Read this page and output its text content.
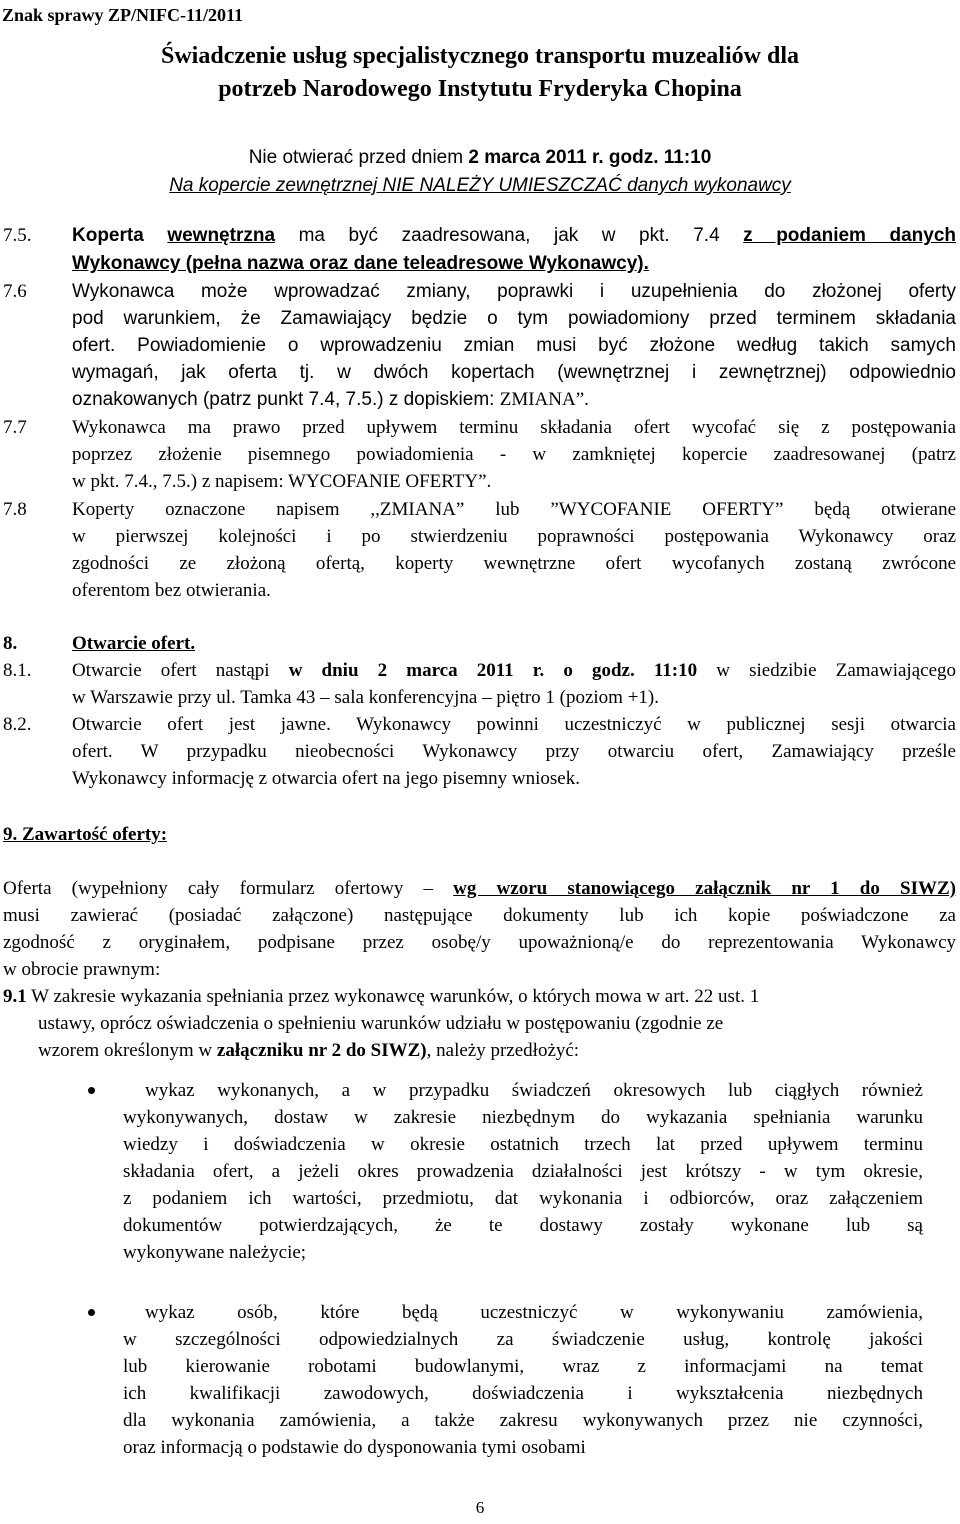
Znak sprawy ZP/NIFC-11/2011
Świadczenie usług specjalistycznego transportu muzealiów dla
potrzeb Narodowego Instytutu Fryderyka Chopina
Nie otwierać przed dniem 2 marca 2011 r. godz. 11:10
Na kopercie zewnętrznej NIE NALEŻY UMIESZCZAĆ danych wykonawcy
7.5. Koperta wewnętrzna ma być zaadresowana, jak w pkt. 7.4 z podaniem danych
Wykonawcy (pełna nazwa oraz dane teleadresowe Wykonawcy).
7.6 Wykonawca może wprowadzać zmiany, poprawki i uzupełnienia do złożonej oferty
pod warunkiem, że Zamawiający będzie o tym powiadomiony przed terminem składania
ofert. Powiadomienie o wprowadzeniu zmian musi być złożone według takich samych
wymagań, jak oferta tj. w dwóch kopertach (wewnętrznej i zewnętrznej) odpowiednio
oznakowanych (patrz punkt 7.4, 7.5.) z dopiskiem: ZMIANA”.
7.7 Wykonawca ma prawo przed upływem terminu składania ofert wycofać się z postępowania
poprzez złożenie pisemnego powiadomienia - w zamkniętej kopercie zaadresowanej (patrz
w pkt. 7.4., 7.5.) z napisem: WYCOFANIE OFERTY”.
7.8 Koperty oznaczone napisem ,,ZMIANA” lub ”WYCOFANIE OFERTY” będą otwierane
w pierwszej kolejności i po stwierdzeniu poprawności postępowania Wykonawcy oraz
zgodności ze złożoną ofertą, koperty wewnętrzne ofert wycofanych zostaną zwrócone
oferentom bez otwierania.
8.	Otwarcie ofert.
8.1. Otwarcie ofert nastąpi w dniu 2 marca 2011 r. o godz. 11:10 w siedzibie Zamawiającego
w Warszawie przy ul. Tamka 43 – sala konferencyjna – piętro 1 (poziom +1).
8.2. Otwarcie ofert jest jawne. Wykonawcy powinni uczestniczyć w publicznej sesji otwarcia
ofert. W przypadku nieobecności Wykonawcy przy otwarciu ofert, Zamawiający prześle
Wykonawcy informację z otwarcia ofert na jego pisemny wniosek.
9. Zawartość oferty:
Oferta (wypełniony cały formularz ofertowy – wg wzoru stanowiącego załącznik nr 1 do SIWZ)
musi zawierać (posiadać załączone) następujące dokumenty lub ich kopie poświadczone za
zgodność z oryginałem, podpisane przez osobę/y upoważnioną/e do reprezentowania Wykonawcy
w obrocie prawnym:
9.1 W zakresie wykazania spełniania przez wykonawcę warunków, o których mowa w art. 22 ust. 1
ustawy, oprócz oświadczenia o spełnieniu warunków udziału w postępowaniu (zgodnie ze
wzorem określonym w załączniku nr 2 do SIWZ), należy przedłożyć:
wykaz wykonanych, a w przypadku świadczeń okresowych lub ciągłych również
wykonywanych, dostaw w zakresie niezbędnym do wykazania spełniania warunku
wiedzy i doświadczenia w okresie ostatnich trzech lat przed upływem terminu
składania ofert, a jeżeli okres prowadzenia działalności jest krótszy - w tym okresie,
z podaniem ich wartości, przedmiotu, dat wykonania i odbiorców, oraz załączeniem
dokumentów potwierdzających, że te dostawy zostały wykonane lub są
wykonywane należycie;
wykaz osób, które będą uczestniczyć w wykonywaniu zamówienia,
w szczególności odpowiedzialnych za świadczenie usług, kontrolę jakości
lub kierowanie robotami budowlanymi, wraz z informacjami na temat
ich kwalifikacji zawodowych, doświadczenia i wykształcenia niezbędnych
dla wykonania zamówienia, a także zakresu wykonywanych przez nie czynności,
oraz informacją o podstawie do dysponowania tymi osobami
6
